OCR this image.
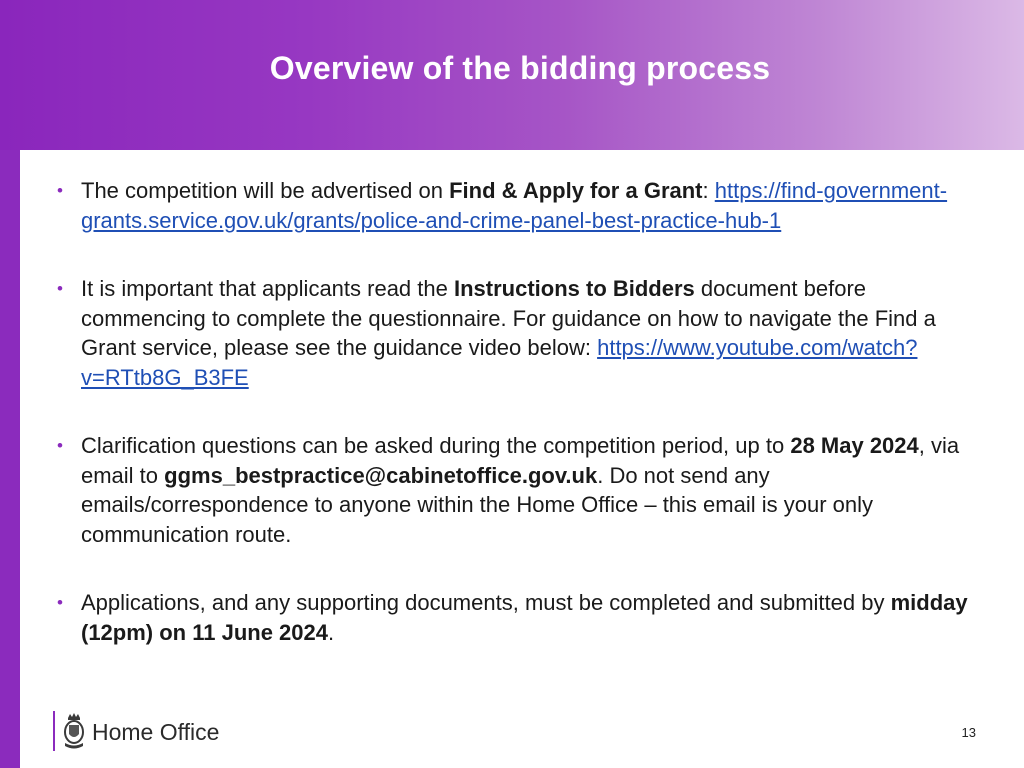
Overview of the bidding process
• The competition will be advertised on Find & Apply for a Grant: https://find-government-grants.service.gov.uk/grants/police-and-crime-panel-best-practice-hub-1
• It is important that applicants read the Instructions to Bidders document before commencing to complete the questionnaire. For guidance on how to navigate the Find a Grant service, please see the guidance video below: https://www.youtube.com/watch?v=RTtb8G_B3FE
• Clarification questions can be asked during the competition period, up to 28 May 2024, via email to ggms_bestpractice@cabinetoffice.gov.uk. Do not send any emails/correspondence to anyone within the Home Office – this email is your only communication route.
• Applications, and any supporting documents, must be completed and submitted by midday (12pm) on 11 June 2024.
Home Office	13
